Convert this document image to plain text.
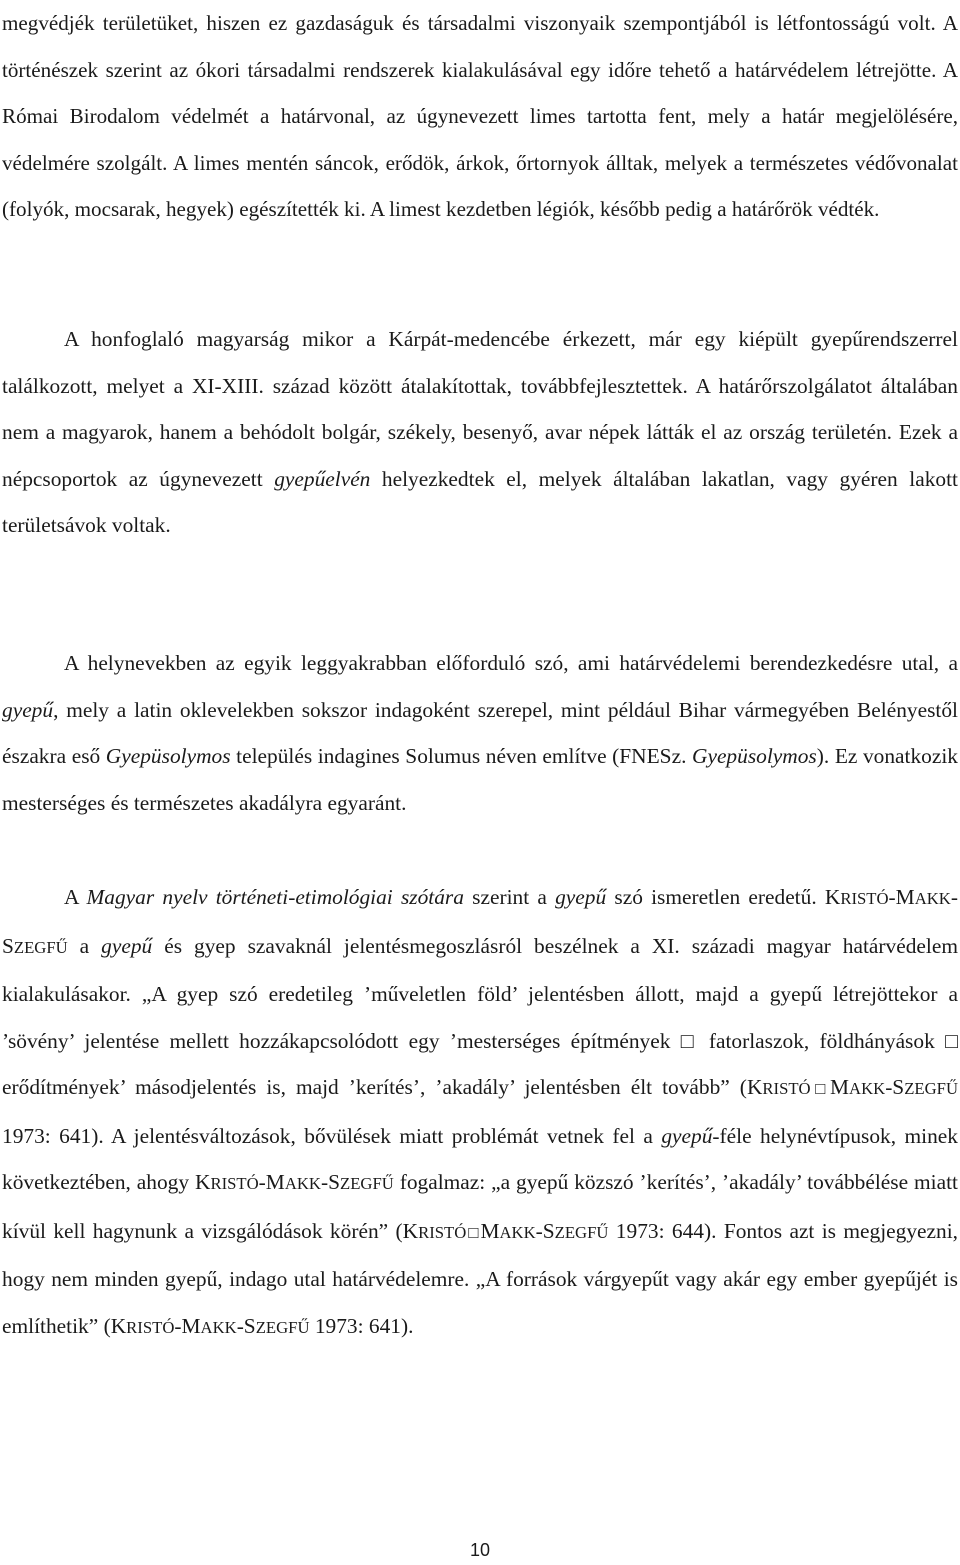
megvédjék területüket, hiszen ez gazdaságuk és társadalmi viszonyaik szempontjából is létfontosságú volt. A történészek szerint az ókori társadalmi rendszerek kialakulásával egy időre tehető a határvédelem létrejötte. A Római Birodalom védelmét a határvonal, az úgynevezett limes tartotta fent, mely a határ megjelölésére, védelmére szolgált. A limes mentén sáncok, erődök, árkok, őrtornyok álltak, melyek a természetes védővonalat (folyók, mocsarak, hegyek) egészítették ki. A limest kezdetben légiók, később pedig a határőrök védték.

A honfoglaló magyarság mikor a Kárpát-medencébe érkezett, már egy kiépült gyepűrendszerrel találkozott, melyet a XI-XIII. század között átalakítottak, továbbfejlesztettek. A határőrszolgálatot általában nem a magyarok, hanem a behódolt bolgár, székely, besenyő, avar népek látták el az ország területén. Ezek a népcsoportok az úgynevezett gyepűelvén helyezkedtek el, melyek általában lakatlan, vagy gyéren lakott területsávok voltak.

A helynevekben az egyik leggyakrabban előforduló szó, ami határvédelemi berendezkedésre utal, a gyepű, mely a latin oklevelekben sokszor indagoként szerepel, mint például Bihar vármegyében Belényestől északra eső Gyepüsolymos település indagines Solumus néven említve (FNESz. Gyepüsolymos). Ez vonatkozik mesterséges és természetes akadályra egyaránt.

A Magyar nyelv történeti-etimológiai szótára szerint a gyepű szó ismeretlen eredetű. KRISTÓ-MAKK-SZEGFŰ a gyepű és gyep szavaknál jelentésmegoszlásról beszélnek a XI. századi magyar határvédelem kialakulásakor. „A gyep szó eredetileg ’műveletlen föld’ jelentésben állott, majd a gyepű létrejöttekor a ’sövény’ jelentése mellett hozzákapcsolódott egy ’mesterséges építmények □ fatorlaszok, földhányások □ erődítmények’ másodjelentés is, majd ’kerítés’, ’akadály’ jelentésben élt tovább” (KRISTÓ□MAKK-SZEGFŰ 1973: 641). A jelentésváltozások, bővülések miatt problémát vetnek fel a gyepű-féle helynévtípusok, minek következtében, ahogy KRISTÓ-MAKK-SZEGFŰ fogalmaz: „a gyepű közszó ’kerítés’, ’akadály’ továbbélése miatt kívül kell hagynunk a vizsgálódások körén” (KRISTÓ□MAKK-SZEGFŰ 1973: 644). Fontos azt is megjegyezni, hogy nem minden gyepű, indago utal határvédelemre. „A források várgyepűt vagy akár egy ember gyepűjét is említhetik” (KRISTÓ-MAKK-SZEGFŰ 1973: 641).

10
